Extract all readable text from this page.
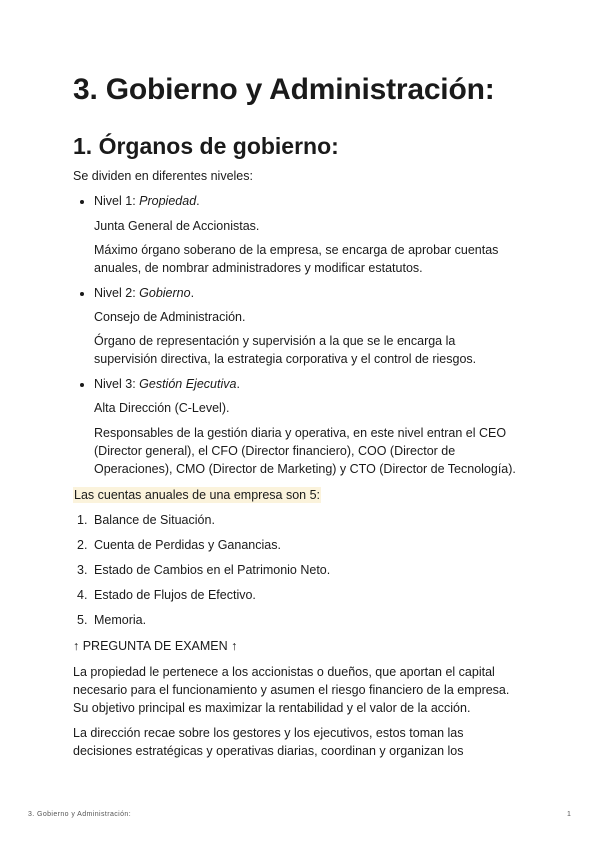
3. Gobierno y Administración:
1. Órganos de gobierno:
Se dividen en diferentes niveles:
Nivel 1: Propiedad.
Junta General de Accionistas.
Máximo órgano soberano de la empresa, se encarga de aprobar cuentas
anuales, de nombrar administradores y modificar estatutos.
Nivel 2: Gobierno.
Consejo de Administración.
Órgano de representación y supervisión a la que se le encarga la
supervisión directiva, la estrategia corporativa y el control de riesgos.
Nivel 3: Gestión Ejecutiva.
Alta Dirección (C-Level).
Responsables de la gestión diaria y operativa, en este nivel entran el CEO
(Director general), el CFO (Director financiero), COO (Director de
Operaciones), CMO (Director de Marketing) y CTO (Director de Tecnología).
Las cuentas anuales de una empresa son 5:
1. Balance de Situación.
2. Cuenta de Perdidas y Ganancias.
3. Estado de Cambios en el Patrimonio Neto.
4. Estado de Flujos de Efectivo.
5. Memoria.
↑ PREGUNTA DE EXAMEN ↑
La propiedad le pertenece a los accionistas o dueños, que aportan el capital
necesario para el funcionamiento y asumen el riesgo financiero de la empresa.
Su objetivo principal es maximizar la rentabilidad y el valor de la acción.
La dirección recae sobre los gestores y los ejecutivos, estos toman las
decisiones estratégicas y operativas diarias, coordinan y organizan los
3. Gobierno y Administración:	1
